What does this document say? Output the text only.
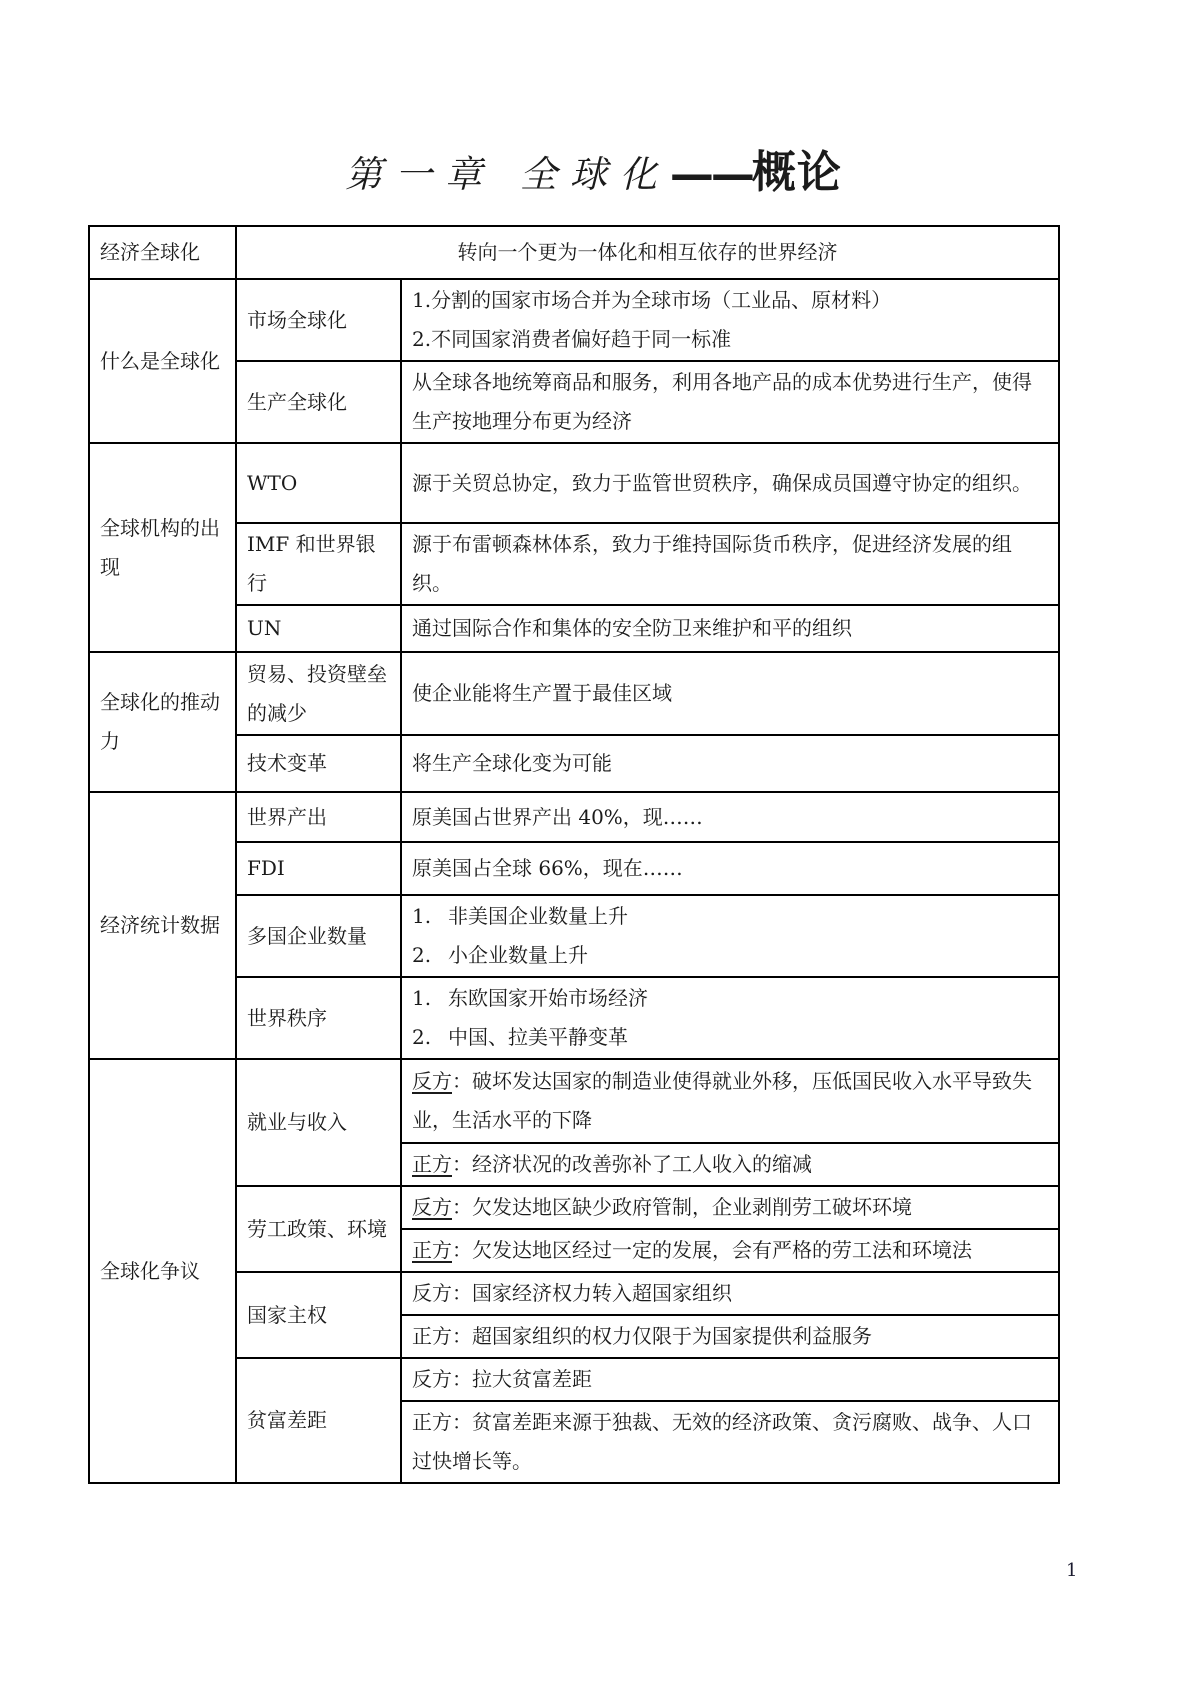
第一章 全球化——概论
经济全球化	转向一个更为一体化和相互依存的世界经济	
什么是全球化	市场全球化	1.分割的国家市场合并为全球市场（工业品、原材料）

2.不同国家消费者偏好趋于同一标准

	生产全球化	从全球各地统筹商品和服务，利用各地产品的成本优势进行生产，使得生产按地理分布更为经济
全球机构的出现	WTO	源于关贸总协定，致力于监管世贸秩序，确保成员国遵守协定的组织。
	IMF 和世界银行	源于布雷顿森林体系，致力于维持国际货币秩序，促进经济发展的组织。
	UN	通过国际合作和集体的安全防卫来维护和平的组织
全球化的推动力	贸易、投资壁垒的减少	使企业能将生产置于最佳区域
	技术变革	将生产全球化变为可能
经济统计数据	世界产出	原美国占世界产出 40%，现……
	FDI	原美国占全球 66%，现在……
	多国企业数量	1. 非美国企业数量上升

2. 小企业数量上升

	世界秩序	1. 东欧国家开始市场经济

2. 中国、拉美平静变革

全球化争议	就业与收入	反方：破坏发达国家的制造业使得就业外移，压低国民收入水平导致失业，生活水平的下降
		正方：经济状况的改善弥补了工人收入的缩减
	劳工政策、环境	反方：欠发达地区缺少政府管制，企业剥削劳工破坏环境
		正方：欠发达地区经过一定的发展，会有严格的劳工法和环境法
	国家主权	反方：国家经济权力转入超国家组织
		正方：超国家组织的权力仅限于为国家提供利益服务
	贫富差距	反方：拉大贫富差距
		正方：贫富差距来源于独裁、无效的经济政策、贪污腐败、战争、人口过快增长等。
1
